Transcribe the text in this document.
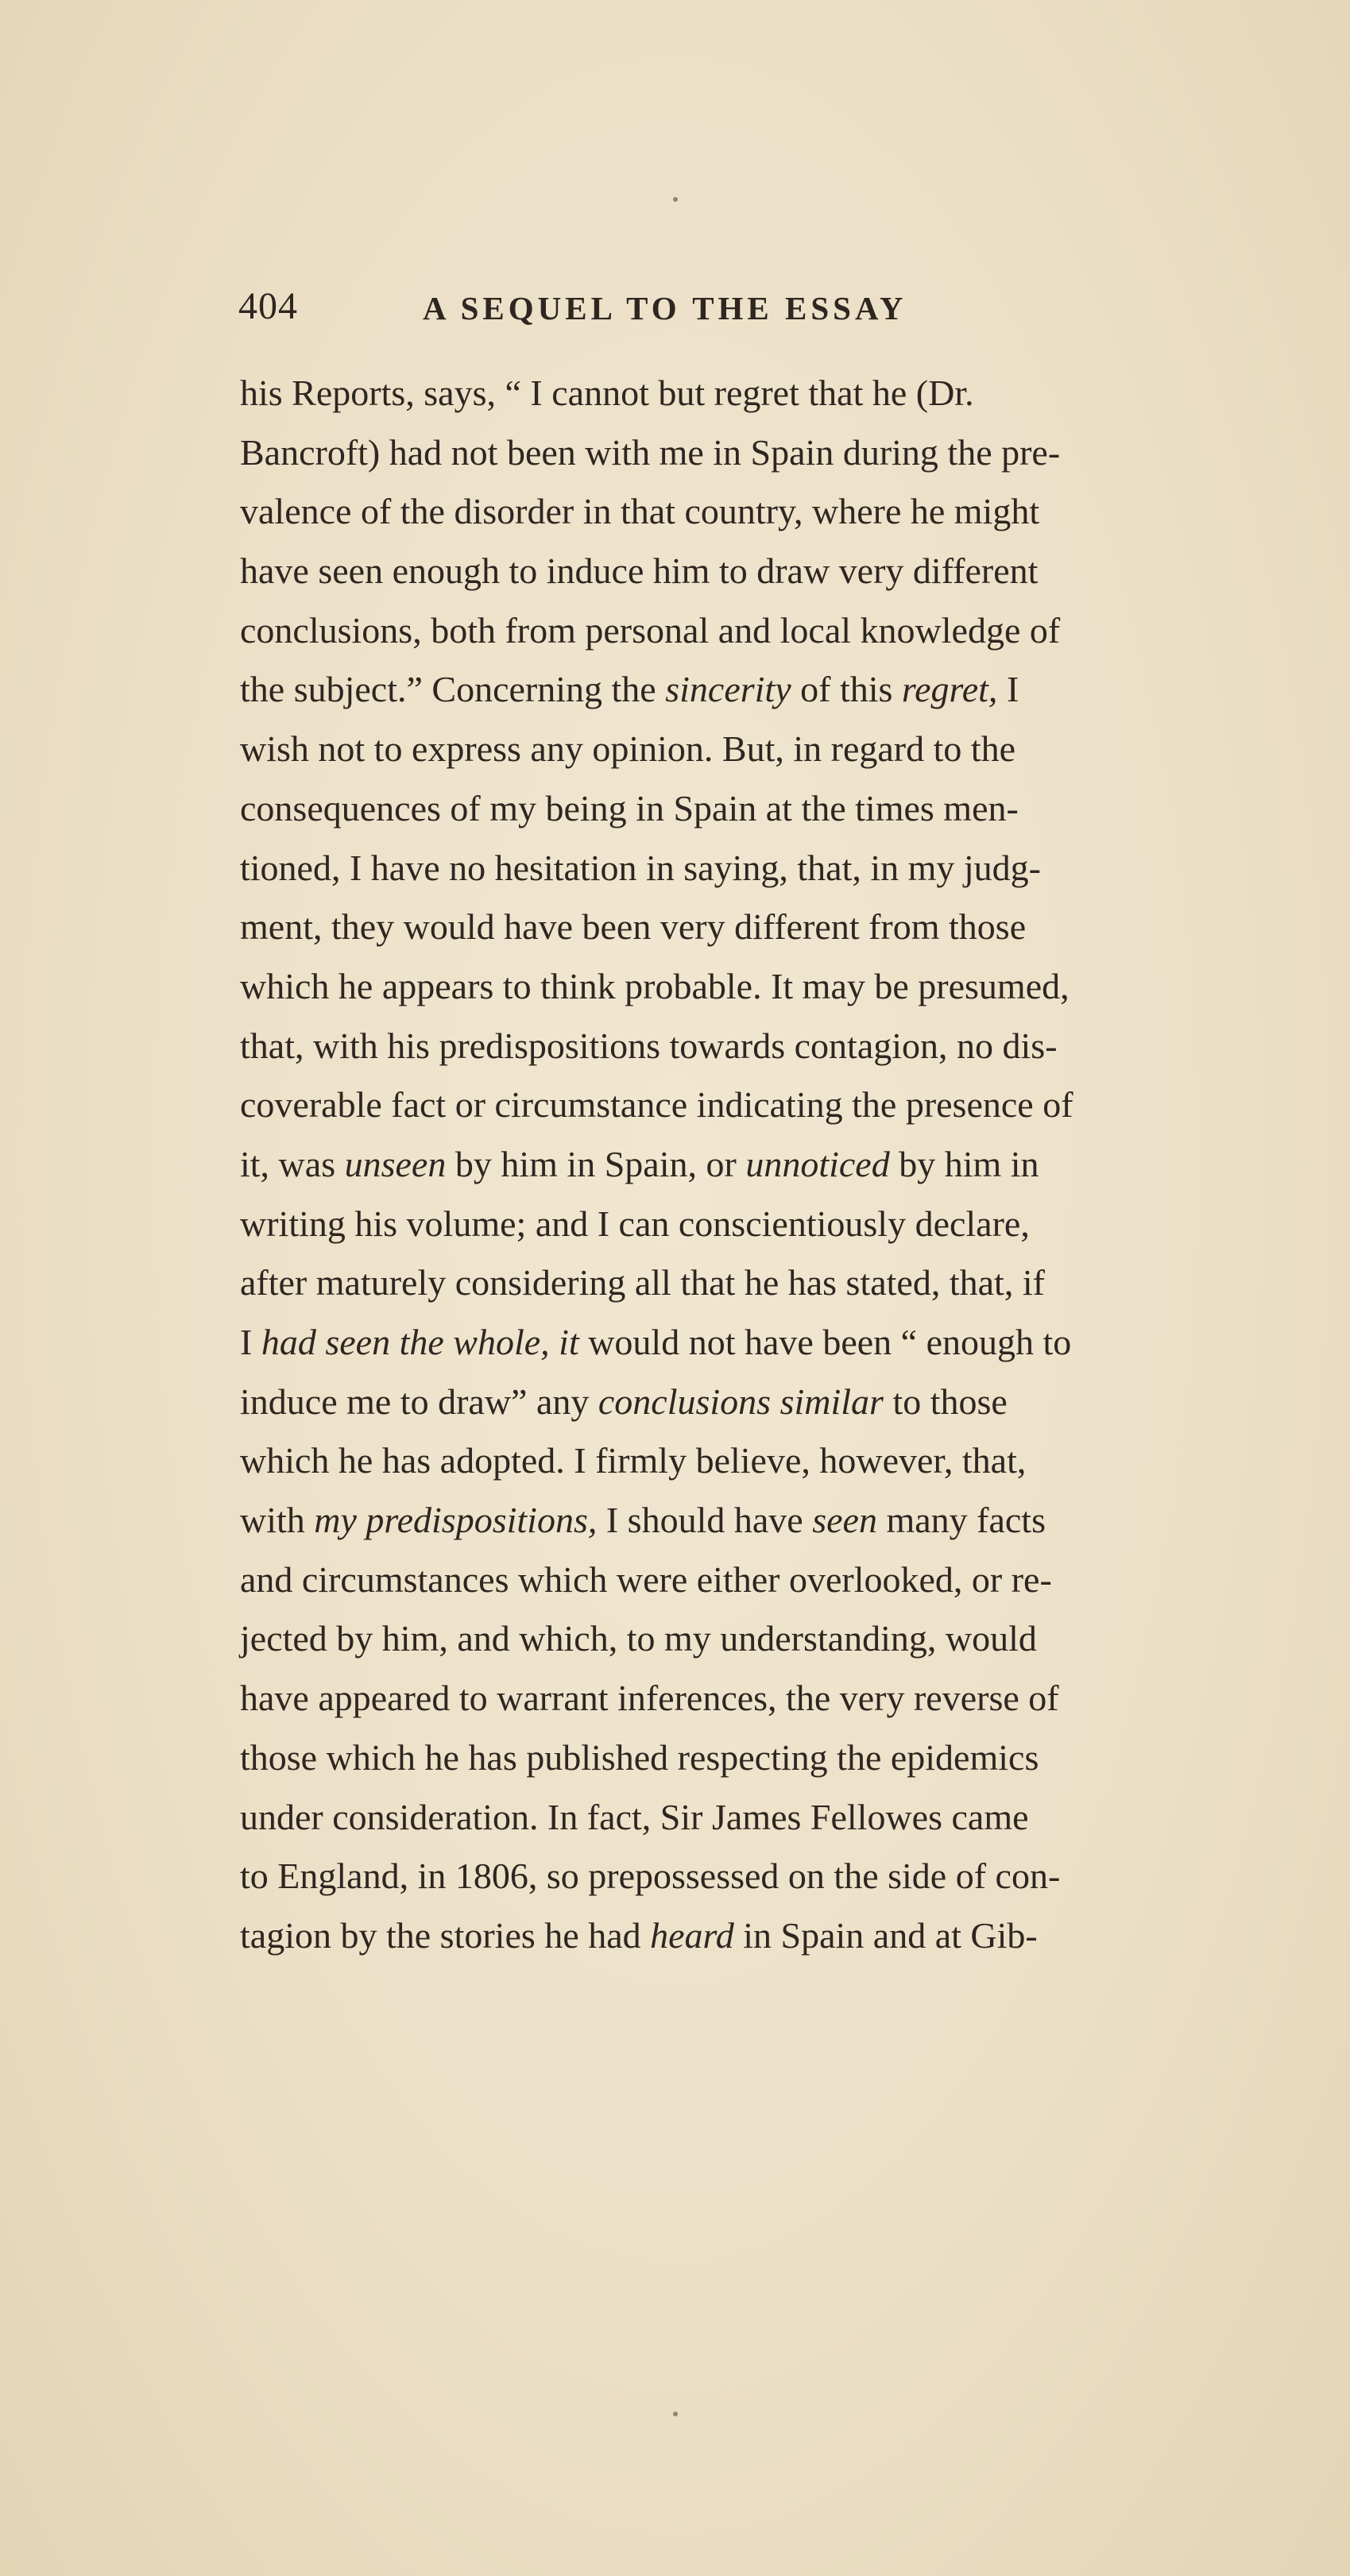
404	A SEQUEL TO THE ESSAY
his Reports, says, “ I cannot but regret that he (Dr.
Bancroft) had not been with me in Spain during the pre-
valence of the disorder in that country, where he might
have seen enough to induce him to draw very different
conclusions, both from personal and local knowledge of
the subject.” Concerning the sincerity of this regret, I
wish not to express any opinion. But, in regard to the
consequences of my being in Spain at the times men-
tioned, I have no hesitation in saying, that, in my judg-
ment, they would have been very different from those
which he appears to think probable. It may be presumed,
that, with his predispositions towards contagion, no dis-
coverable fact or circumstance indicating the presence of
it, was unseen by him in Spain, or unnoticed by him in
writing his volume; and I can conscientiously declare,
after maturely considering all that he has stated, that, if
I had seen the whole, it would not have been “ enough to
induce me to draw” any conclusions similar to those
which he has adopted. I firmly believe, however, that,
with my predispositions, I should have seen many facts
and circumstances which were either overlooked, or re-
jected by him, and which, to my understanding, would
have appeared to warrant inferences, the very reverse of
those which he has published respecting the epidemics
under consideration. In fact, Sir James Fellowes came
to England, in 1806, so prepossessed on the side of con-
tagion by the stories he had heard in Spain and at Gib-
